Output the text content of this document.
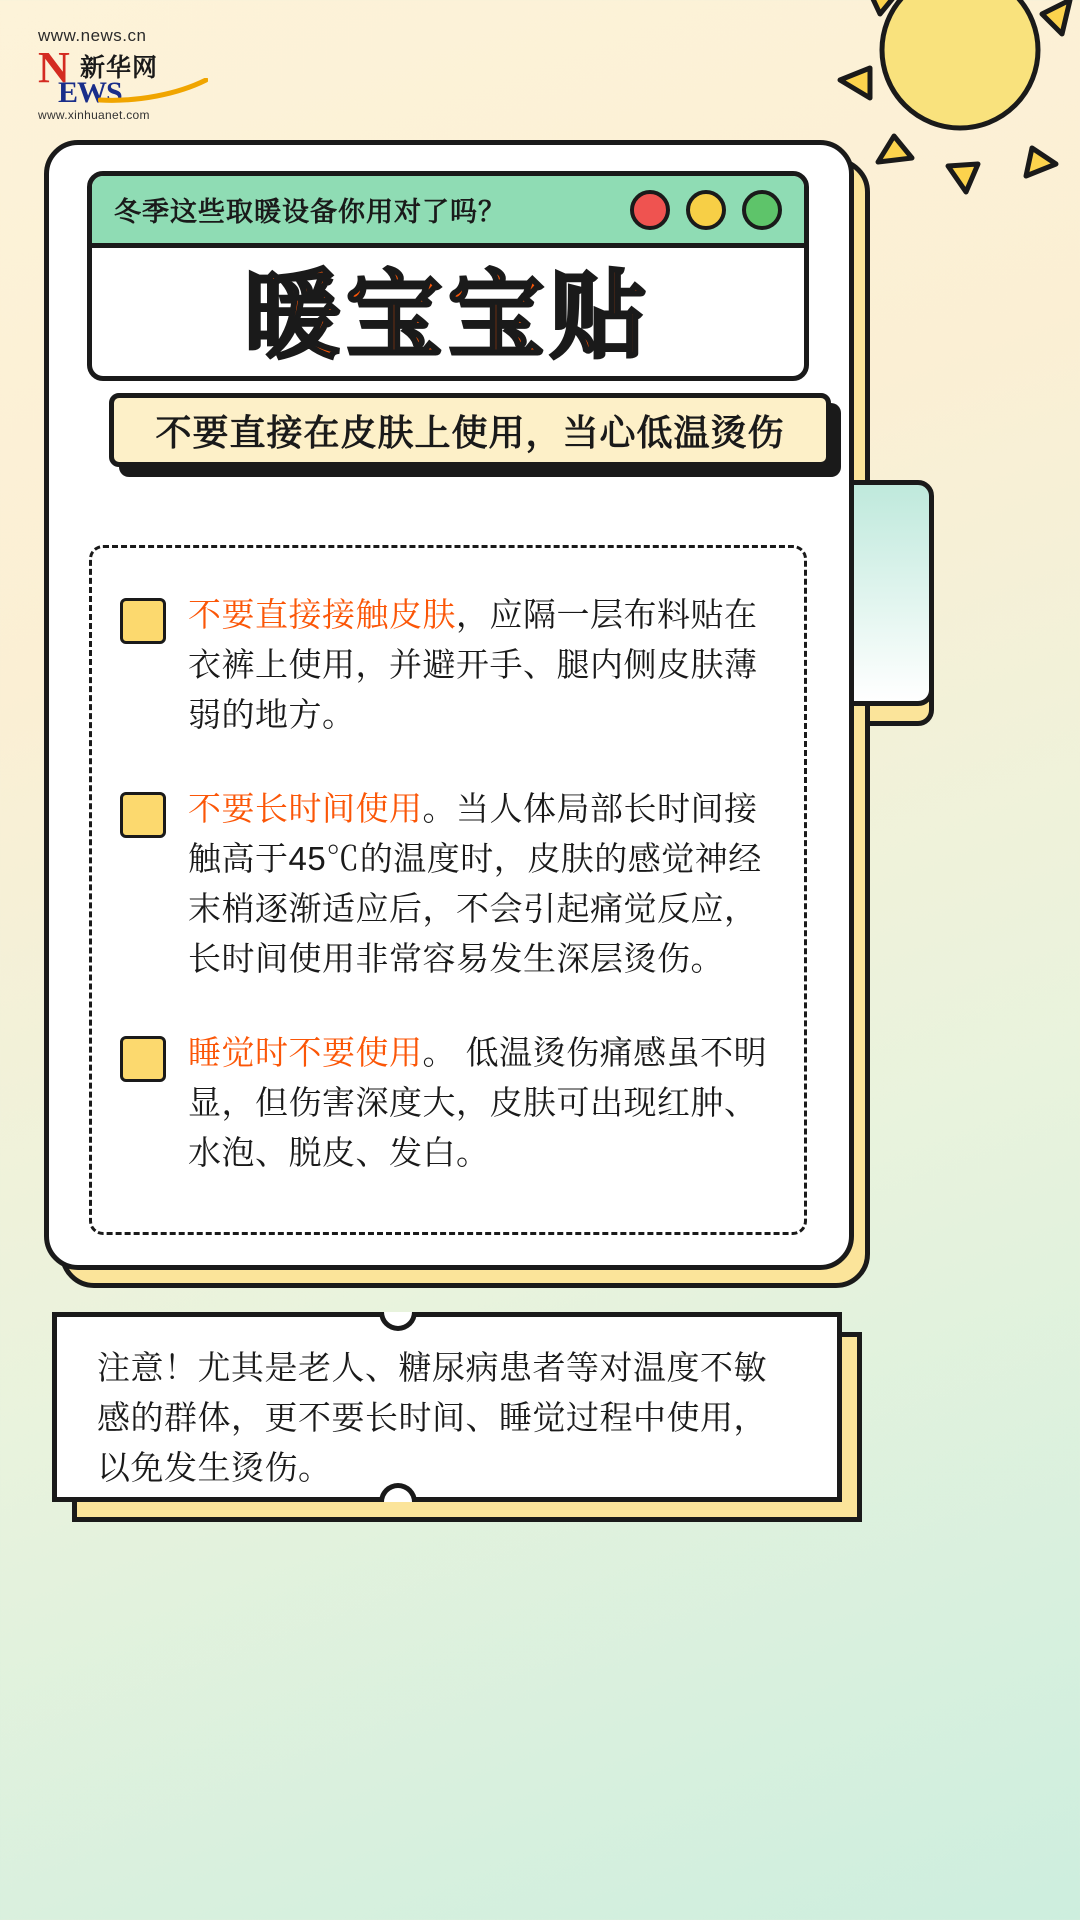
www.news.cn
N 新华网
EWS
www.xinhuanet.com
冬季这些取暖设备你用对了吗？
暖宝宝贴
不要直接在皮肤上使用，当心低温烫伤
不要直接接触皮肤，应隔一层布料贴在衣裤上使用，并避开手、腿内侧皮肤薄弱的地方。
不要长时间使用。当人体局部长时间接触高于45℃的温度时，皮肤的感觉神经末梢逐渐适应后，不会引起痛觉反应，长时间使用非常容易发生深层烫伤。
睡觉时不要使用。 低温烫伤痛感虽不明显，但伤害深度大，皮肤可出现红肿、水泡、脱皮、发白。
注意！尤其是老人、糖尿病患者等对温度不敏感的群体，更不要长时间、睡觉过程中使用，以免发生烫伤。
